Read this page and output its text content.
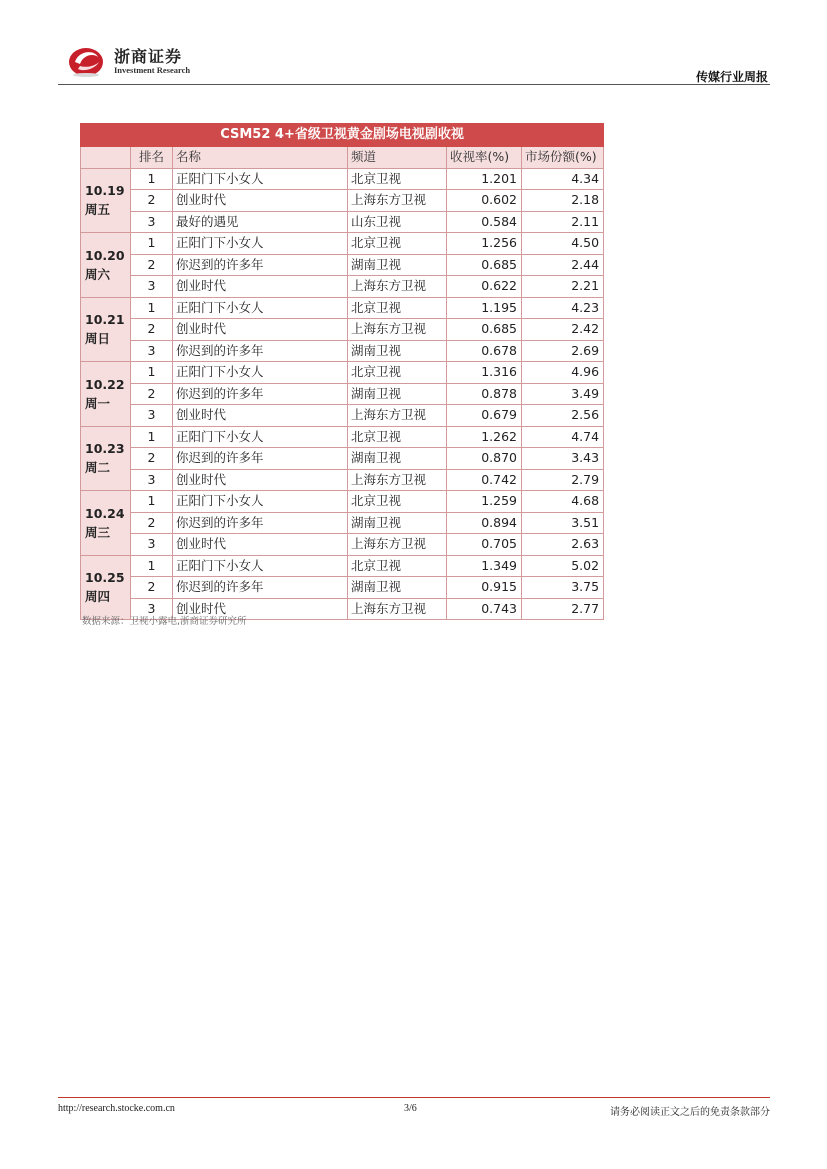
浙商证券
Investment Research	传媒行业周报
CSM52 4+省级卫视黄金剧场电视剧收视					
	排名	名称	频道	收视率(%)	市场份额(%)

10.19
周五	1	正阳门下小女人	北京卫视	1.201	4.34
	2	创业时代	上海东方卫视	0.602	2.18
	3	最好的遇见	山东卫视	0.584	2.11

10.20
周六	1	正阳门下小女人	北京卫视	1.256	4.50
	2	你迟到的许多年	湖南卫视	0.685	2.44
	3	创业时代	上海东方卫视	0.622	2.21

10.21
周日	1	正阳门下小女人	北京卫视	1.195	4.23
	2	创业时代	上海东方卫视	0.685	2.42
	3	你迟到的许多年	湖南卫视	0.678	2.69

10.22
周一	1	正阳门下小女人	北京卫视	1.316	4.96
	2	你迟到的许多年	湖南卫视	0.878	3.49
	3	创业时代	上海东方卫视	0.679	2.56

10.23
周二	1	正阳门下小女人	北京卫视	1.262	4.74
	2	你迟到的许多年	湖南卫视	0.870	3.43
	3	创业时代	上海东方卫视	0.742	2.79

10.24
周三	1	正阳门下小女人	北京卫视	1.259	4.68
	2	你迟到的许多年	湖南卫视	0.894	3.51
	3	创业时代	上海东方卫视	0.705	2.63

10.25
周四	1	正阳门下小女人	北京卫视	1.349	5.02
	2	你迟到的许多年	湖南卫视	0.915	3.75
	3	创业时代	上海东方卫视	0.743	2.77
数据来源：卫视小露电,浙商证券研究所
http://research.stocke.com.cn	3/6	请务必阅读正文之后的免责条款部分
